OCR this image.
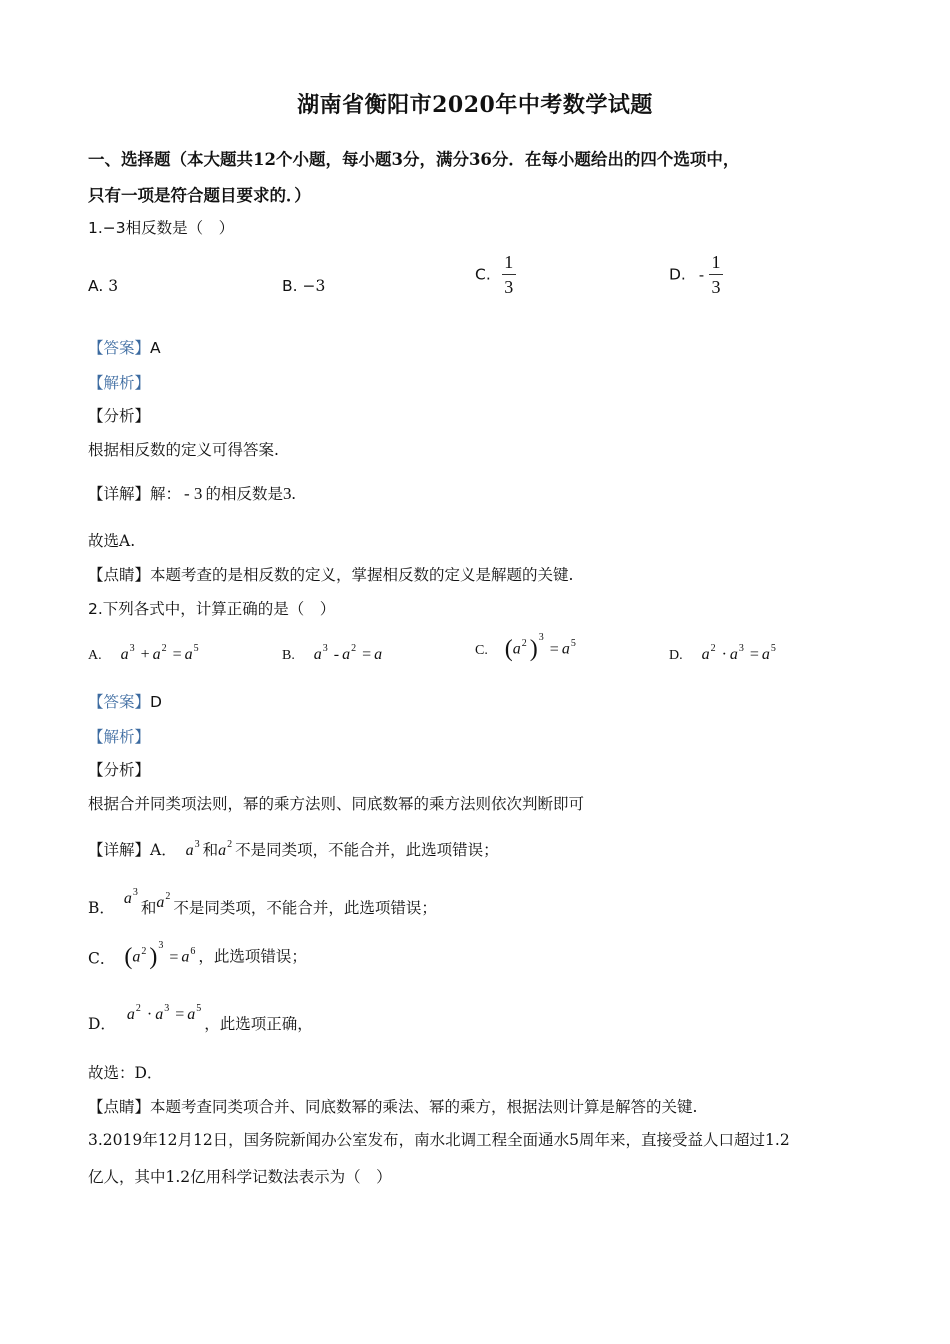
湖南省衡阳市2020年中考数学试题
一、选择题（本大题共12个小题，每小题3分，满分36分．在每小题给出的四个选项中，
只有一项是符合题目要求的．）
1.−3相反数是（　）
A. 3	B. −3
C. $\frac{1}{3}$	D. - $\frac{1}{3}$
【答案】A
【解析】
【分析】
根据相反数的定义可得答案.
【详解】解： - 3 的相反数是3.
故选A.
【点睛】本题考查的是相反数的定义，掌握相反数的定义是解题的关键.
2.下列各式中，计算正确的是（　）
A. $a^3 + a^2 = a^5$	B. $a^3 - a^2 = a$	C. ($a^2$ )$^3= a^5$
D. $a^2 \cdot a^3 = a^5$
【答案】D
【解析】
【分析】
根据合并同类项法则，幂的乘方法则、同底数幂的乘方法则依次判断即可
【详解】A． $a^3$ 和$a^2$ 不是同类项，不能合并，此选项错误；
B． $a^3$和$a^2$不是同类项，不能合并，此选项错误；
C． ($a^2$ )$^3= a^6$ ，此选项错误；
D． $a^2 \cdot a^3 = a^5$，此选项正确，
故选：D．
【点睛】本题考查同类项合并、同底数幂的乘法、幂的乘方，根据法则计算是解答的关键.
3.2019年12月12日，国务院新闻办公室发布，南水北调工程全面通水5周年来，直接受益人口超过1.2
亿人，其中1.2亿用科学记数法表示为（　）
